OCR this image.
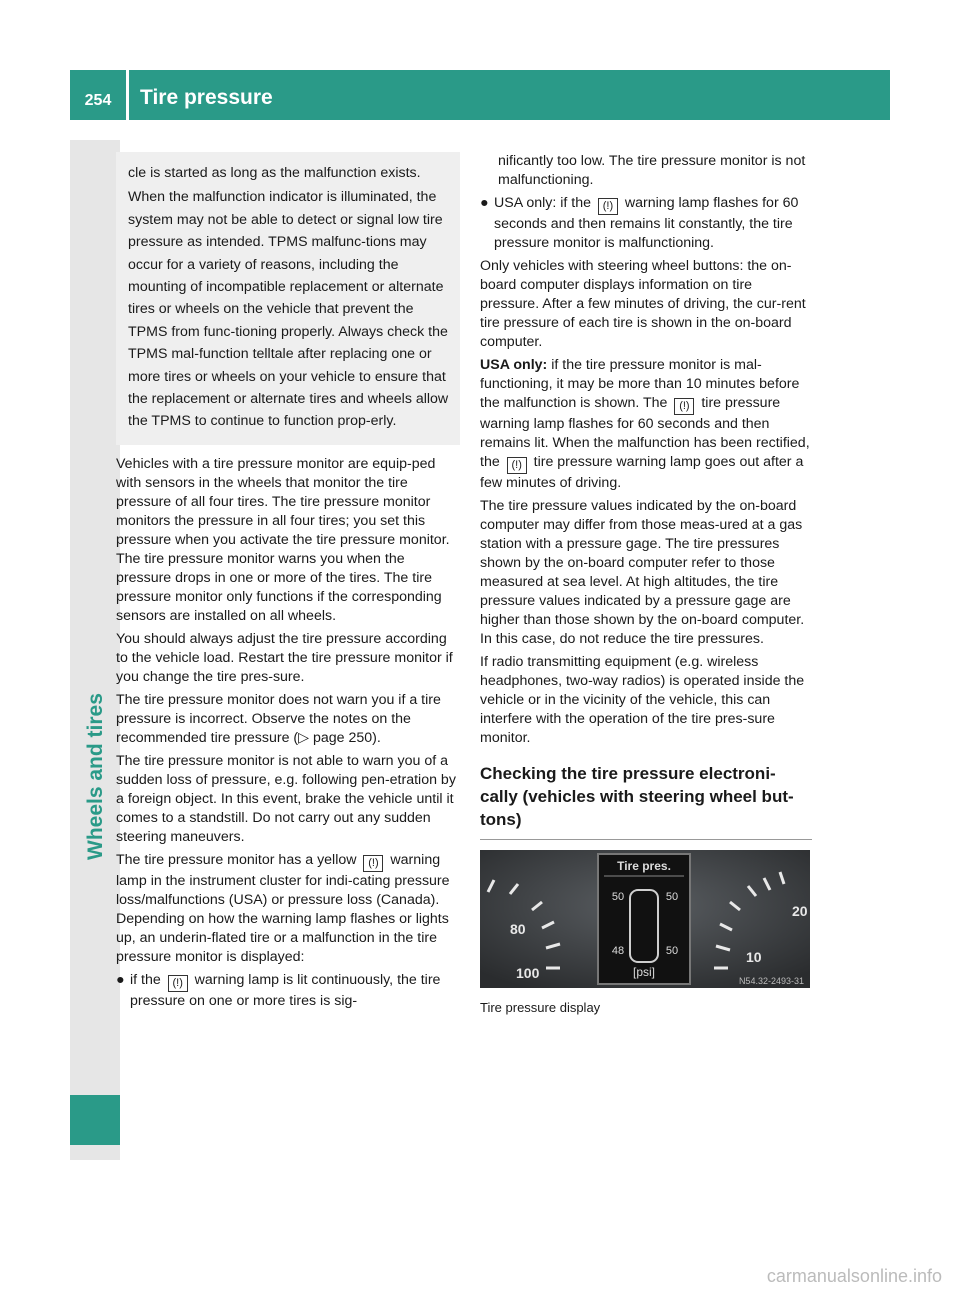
254	Tire pressure
Wheels and tires

cle is started as long as the malfunction exists.

When the malfunction indicator is illuminated, the system may not be able to detect or signal low tire pressure as intended. TPMS malfunc-tions may occur for a variety of reasons, including the mounting of incompatible replacement or alternate tires or wheels on the vehicle that prevent the TPMS from func-tioning properly. Always check the TPMS mal-function telltale after replacing one or more tires or wheels on your vehicle to ensure that the replacement or alternate tires and wheels allow the TPMS to continue to function prop-erly.

Vehicles with a tire pressure monitor are equip-ped with sensors in the wheels that monitor the tire pressure of all four tires. The tire pressure monitor monitors the pressure in all four tires; you set this pressure when you activate the tire pressure monitor. The tire pressure monitor warns you when the pressure drops in one or more of the tires. The tire pressure monitor only functions if the corresponding sensors are installed on all wheels.

You should always adjust the tire pressure according to the vehicle load. Restart the tire pressure monitor if you change the tire pres-sure.

The tire pressure monitor does not warn you if a tire pressure is incorrect. Observe the notes on the recommended tire pressure (▷ page 250).

The tire pressure monitor is not able to warn you of a sudden loss of pressure, e.g. following pen-etration by a foreign object. In this event, brake the vehicle until it comes to a standstill. Do not carry out any sudden steering maneuvers.

The tire pressure monitor has a yellow (!) warning lamp in the instrument cluster for indi-cating pressure loss/malfunctions (USA) or pressure loss (Canada). Depending on how the warning lamp flashes or lights up, an underin-flated tire or a malfunction in the tire pressure monitor is displayed:

● if the (!) warning lamp is lit continuously, the tire pressure on one or more tires is sig-

nificantly too low. The tire pressure monitor is not malfunctioning.

● USA only: if the (!) warning lamp flashes for 60 seconds and then remains lit constantly, the tire pressure monitor is malfunctioning.

Only vehicles with steering wheel buttons: the on-board computer displays information on tire pressure. After a few minutes of driving, the cur-rent tire pressure of each tire is shown in the on-board computer.

USA only: if the tire pressure monitor is mal-functioning, it may be more than 10 minutes before the malfunction is shown. The (!) tire pressure warning lamp flashes for 60 seconds and then remains lit. When the malfunction has been rectified, the (!) tire pressure warning lamp goes out after a few minutes of driving.

The tire pressure values indicated by the on-board computer may differ from those meas-ured at a gas station with a pressure gage. The tire pressures shown by the on-board computer refer to those measured at sea level. At high altitudes, the tire pressure values indicated by a pressure gage are higher than those shown by the on-board computer. In this case, do not reduce the tire pressures.

If radio transmitting equipment (e.g. wireless headphones, two-way radios) is operated inside the vehicle or in the vicinity of the vehicle, this can interfere with the operation of the tire pres-sure monitor.

Checking the tire pressure electroni-cally (vehicles with steering wheel but-tons)
80
100
Tire pres.
50	50
48	50
[psi]
20
10
N54.32-2493-31
Tire pressure display
carmanualsonline.info
